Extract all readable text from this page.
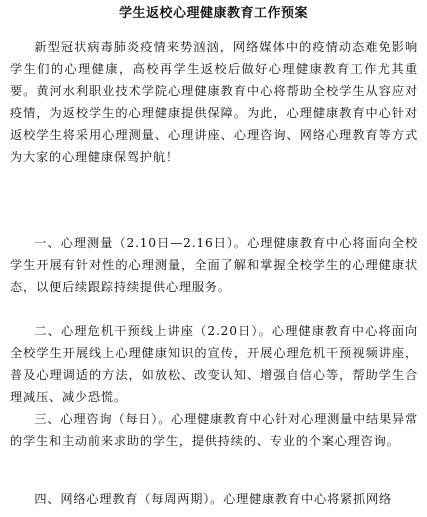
学生返校心理健康教育工作预案

新型冠状病毒肺炎疫情来势汹汹，网络媒体中的疫情动态难免影响学生们的心理健康，高校再学生返校后做好心理健康教育工作尤其重要。黄河水利职业技术学院心理健康教育中心将帮助全校学生从容应对疫情，为返校学生的心理健康提供保障。为此，心理健康教育中心针对返校学生将采用心理测量、心理讲座、心理咨询、网络心理教育等方式为大家的心理健康保驾护航！

一、心理测量（2.10日—2.16日）。心理健康教育中心将面向全校学生开展有针对性的心理测量，全面了解和掌握全校学生的心理健康状态，以便后续跟踪持续提供心理服务。

二、心理危机干预线上讲座（2.20日）。心理健康教育中心将面向全校学生开展线上心理健康知识的宣传，开展心理危机干预视频讲座，普及心理调适的方法，如放松、改变认知、增强自信心等，帮助学生合理减压、减少恐慌。

三、心理咨询（每日）。心理健康教育中心针对心理测量中结果异常的学生和主动前来求助的学生，提供持续的、专业的个案心理咨询。

四、网络心理教育（每周两期）。心理健康教育中心将紧抓网络
